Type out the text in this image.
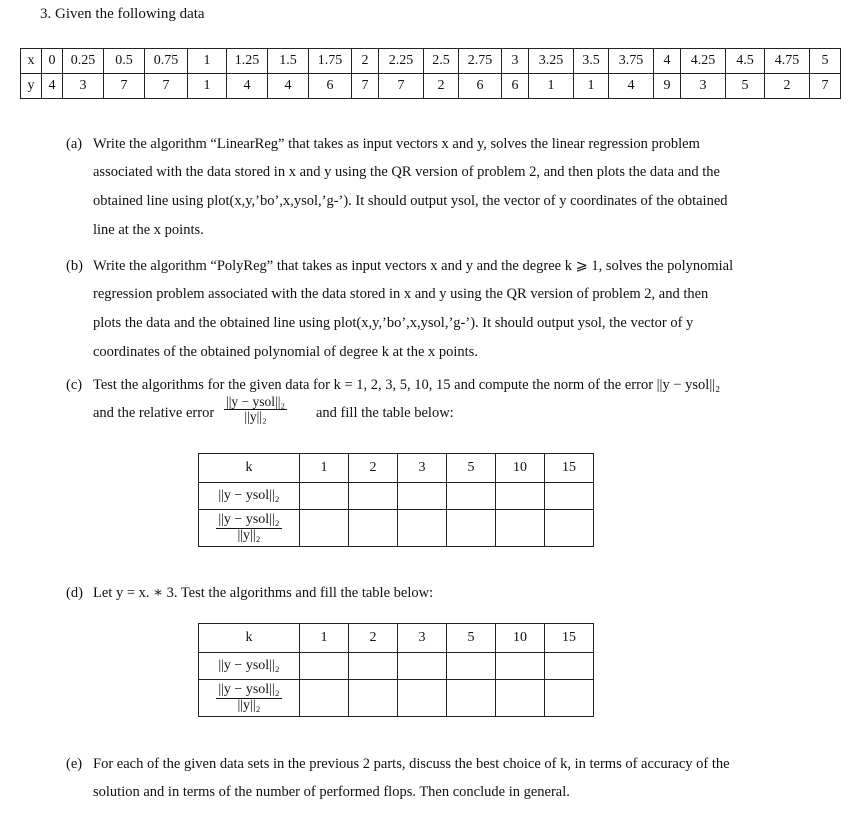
3. Given the following data
x	0	0.25	0.5	0.75	1	1.25	1.5	1.75	2	2.25	2.5	2.75	3	3.25	3.5	3.75	4	4.25	4.5	4.75	5
y	4	3	7	7	1	4	4	6	7	7	2	6	6	1	1	4	9	3	5	2	7
(a) Write the algorithm “LinearReg” that takes as input vectors x and y, solves the linear regression problem
associated with the data stored in x and y using the QR version of problem 2, and then plots the data and the
obtained line using plot(x,y,’bo’,x,ysol,’g-’). It should output ysol, the vector of y coordinates of the obtained
line at the x points.
(b) Write the algorithm “PolyReg” that takes as input vectors x and y and the degree k ⩾ 1, solves the polynomial
regression problem associated with the data stored in x and y using the QR version of problem 2, and then
plots the data and the obtained line using plot(x,y,’bo’,x,ysol,’g-’). It should output ysol, the vector of y
coordinates of the obtained polynomial of degree k at the x points.
(c) Test the algorithms for the given data for k = 1, 2, 3, 5, 10, 15 and compute the norm of the error ||y − ysol||₂
and the relative error $\frac{\text{||y − ysol||₂}}{\text{||y||₂}}$ and fill the table below:
k	1	2	3	5	10	15
||y − ysol||₂						

$\frac{\text{||y − ysol||₂}}{\text{||y||₂}}$

(d) Let y = x. ∗ 3. Test the algorithms and fill the table below:
k	1	2	3	5	10	15
||y − ysol||₂						

$\frac{\text{||y − ysol||₂}}{\text{||y||₂}}$

(e) For each of the given data sets in the previous 2 parts, discuss the best choice of k, in terms of accuracy of the
solution and in terms of the number of performed flops. Then conclude in general.
